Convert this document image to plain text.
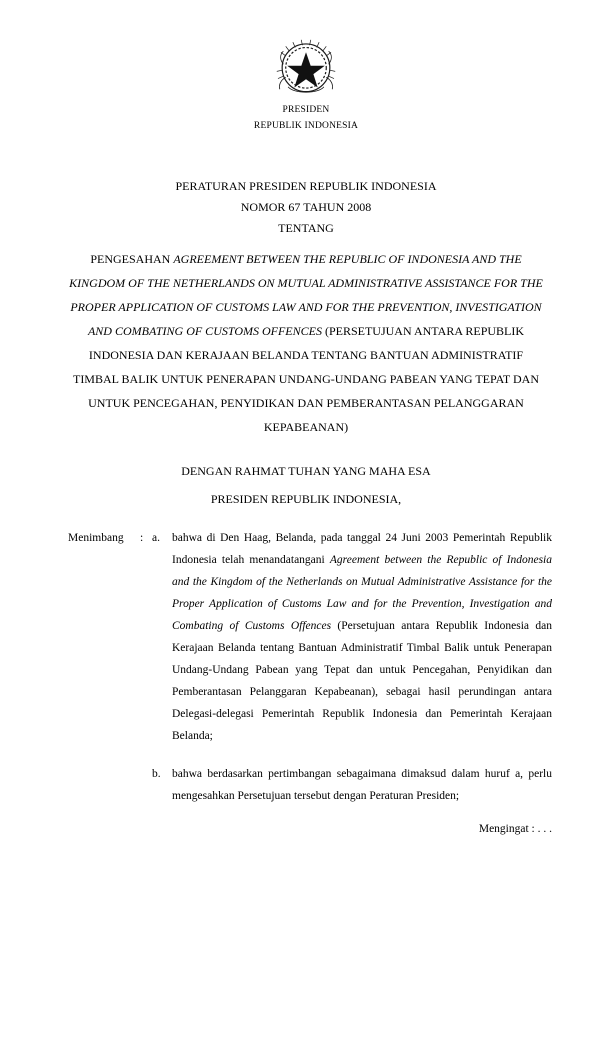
PRESIDEN
REPUBLIK INDONESIA
PERATURAN PRESIDEN REPUBLIK INDONESIA
NOMOR 67 TAHUN 2008
TENTANG
PENGESAHAN AGREEMENT BETWEEN THE REPUBLIC OF INDONESIA AND THE KINGDOM OF THE NETHERLANDS ON MUTUAL ADMINISTRATIVE ASSISTANCE FOR THE PROPER APPLICATION OF CUSTOMS LAW AND FOR THE PREVENTION, INVESTIGATION AND COMBATING OF CUSTOMS OFFENCES (PERSETUJUAN ANTARA REPUBLIK INDONESIA DAN KERAJAAN BELANDA TENTANG BANTUAN ADMINISTRATIF TIMBAL BALIK UNTUK PENERAPAN UNDANG-UNDANG PABEAN YANG TEPAT DAN UNTUK PENCEGAHAN, PENYIDIKAN DAN PEMBERANTASAN PELANGGARAN KEPABEANAN)
DENGAN RAHMAT TUHAN YANG MAHA ESA
PRESIDEN REPUBLIK INDONESIA,
Menimbang	: a.	bahwa di Den Haag, Belanda, pada tanggal 24 Juni 2003 Pemerintah Republik Indonesia telah menandatangani Agreement between the Republic of Indonesia and the Kingdom of the Netherlands on Mutual Administrative Assistance for the Proper Application of Customs Law and for the Prevention, Investigation and Combating of Customs Offences (Persetujuan antara Republik Indonesia dan Kerajaan Belanda tentang Bantuan Administratif Timbal Balik untuk Penerapan Undang-Undang Pabean yang Tepat dan untuk Pencegahan, Penyidikan dan Pemberantasan Pelanggaran Kepabeanan), sebagai hasil perundingan antara Delegasi-delegasi Pemerintah Republik Indonesia dan Pemerintah Kerajaan Belanda;
b. bahwa berdasarkan pertimbangan sebagaimana dimaksud dalam huruf a, perlu mengesahkan Persetujuan tersebut dengan Peraturan Presiden;
Mengingat : . . .
